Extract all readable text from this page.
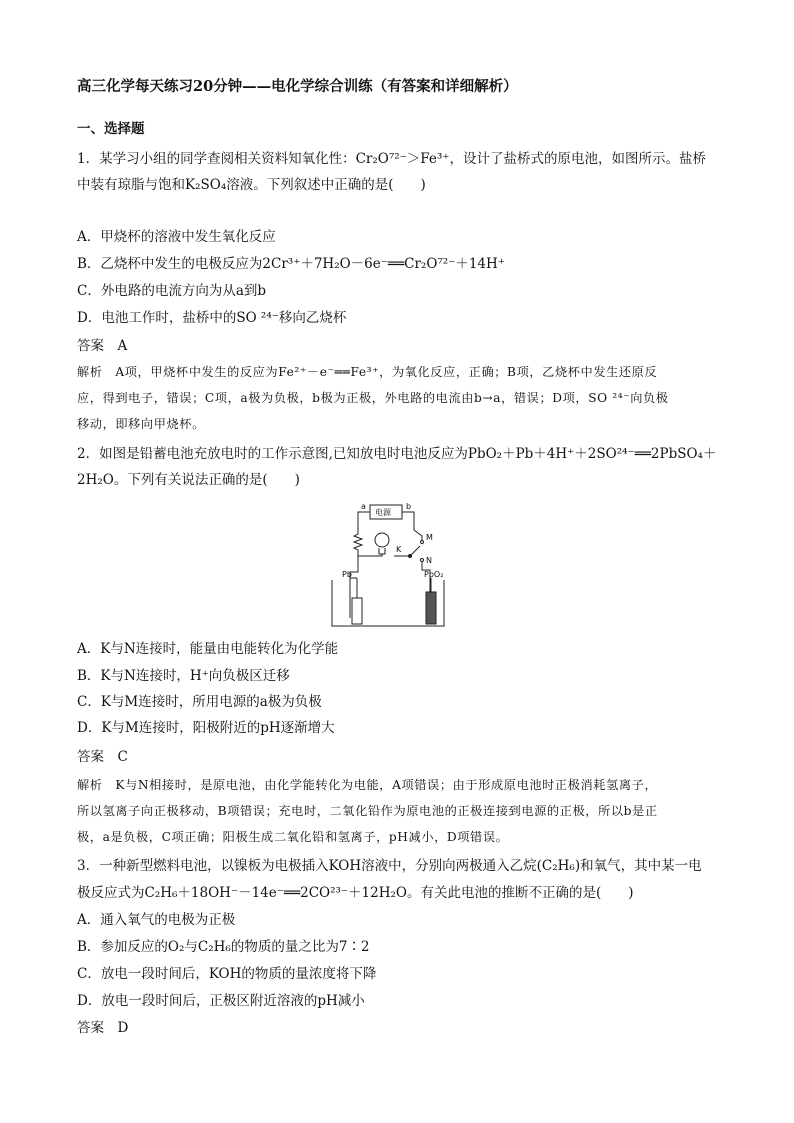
高三化学每天练习20分钟——电化学综合训练（有答案和详细解析）
一、选择题
1．某学习小组的同学查阅相关资料知氧化性：Cr₂O⁷²⁻＞Fe³⁺，设计了盐桥式的原电池，如图所示。盐桥
中装有琼脂与饱和K₂SO₄溶液。下列叙述中正确的是(　　)
A．甲烧杯的溶液中发生氧化反应
B．乙烧杯中发生的电极反应为2Cr³⁺＋7H₂O－6e⁻══Cr₂O⁷²⁻＋14H⁺
C．外电路的电流方向为从a到b
D．电池工作时，盐桥中的SO ²⁴⁻移向乙烧杯
答案　A
解析　A项，甲烧杯中发生的反应为Fe²⁺－e⁻══Fe³⁺，为氧化反应，正确；B项，乙烧杯中发生还原反
应，得到电子，错误；C项，a极为负极，b极为正极，外电路的电流由b→a，错误；D项，SO ²⁴⁻向负极
移动，即移向甲烧杯。
2．如图是铅蓄电池充放电时的工作示意图,已知放电时电池反应为PbO₂＋Pb＋4H⁺＋2SO²⁴⁻══2PbSO₄＋
2H₂O。下列有关说法正确的是(　　)
a	b
电源
M
K
N
Pb	PbO₂
A．K与N连接时，能量由电能转化为化学能
B．K与N连接时，H⁺向负极区迁移
C．K与M连接时，所用电源的a极为负极
D．K与M连接时，阳极附近的pH逐渐增大
答案　C
解析　K与N相接时，是原电池，由化学能转化为电能，A项错误；由于形成原电池时正极消耗氢离子，
所以氢离子向正极移动，B项错误；充电时，二氧化铅作为原电池的正极连接到电源的正极，所以b是正
极，a是负极，C项正确；阳极生成二氧化铅和氢离子，pH减小，D项错误。
3．一种新型燃料电池，以镍板为电极插入KOH溶液中，分别向两极通入乙烷(C₂H₆)和氧气，其中某一电
极反应式为C₂H₆＋18OH⁻－14e⁻══2CO²³⁻＋12H₂O。有关此电池的推断不正确的是(　　)
A．通入氧气的电极为正极
B．参加反应的O₂与C₂H₆的物质的量之比为7∶2
C．放电一段时间后，KOH的物质的量浓度将下降
D．放电一段时间后，正极区附近溶液的pH减小
答案　D
